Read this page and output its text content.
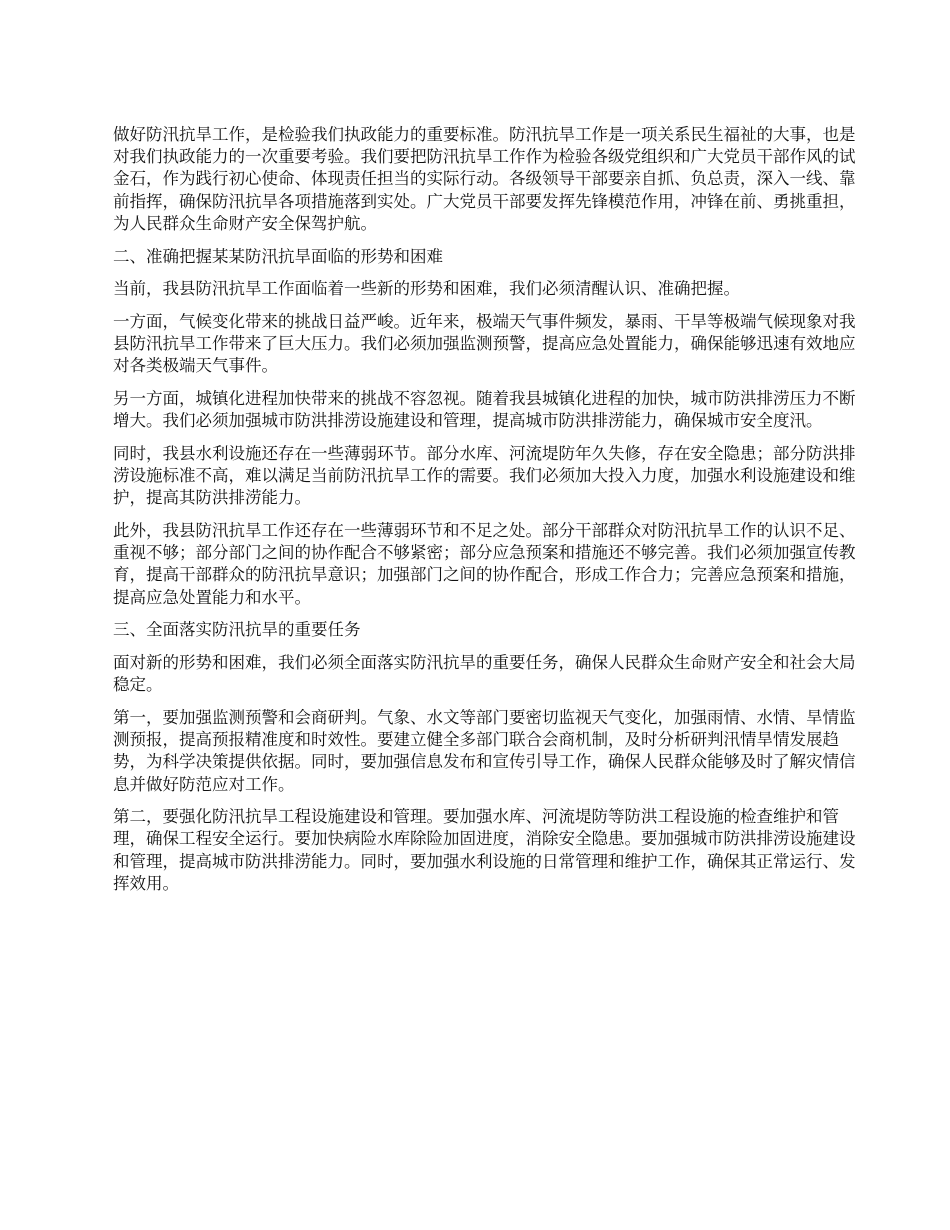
做好防汛抗旱工作，是检验我们执政能力的重要标准。防汛抗旱工作是一项关系民生福祉的大事，也是对我们执政能力的一次重要考验。我们要把防汛抗旱工作作为检验各级党组织和广大党员干部作风的试金石，作为践行初心使命、体现责任担当的实际行动。各级领导干部要亲自抓、负总责，深入一线、靠前指挥，确保防汛抗旱各项措施落到实处。广大党员干部要发挥先锋模范作用，冲锋在前、勇挑重担，为人民群众生命财产安全保驾护航。

二、准确把握某某防汛抗旱面临的形势和困难

当前，我县防汛抗旱工作面临着一些新的形势和困难，我们必须清醒认识、准确把握。

一方面，气候变化带来的挑战日益严峻。近年来，极端天气事件频发，暴雨、干旱等极端气候现象对我县防汛抗旱工作带来了巨大压力。我们必须加强监测预警，提高应急处置能力，确保能够迅速有效地应对各类极端天气事件。

另一方面，城镇化进程加快带来的挑战不容忽视。随着我县城镇化进程的加快，城市防洪排涝压力不断增大。我们必须加强城市防洪排涝设施建设和管理，提高城市防洪排涝能力，确保城市安全度汛。

同时，我县水利设施还存在一些薄弱环节。部分水库、河流堤防年久失修，存在安全隐患；部分防洪排涝设施标准不高，难以满足当前防汛抗旱工作的需要。我们必须加大投入力度，加强水利设施建设和维护，提高其防洪排涝能力。

此外，我县防汛抗旱工作还存在一些薄弱环节和不足之处。部分干部群众对防汛抗旱工作的认识不足、重视不够；部分部门之间的协作配合不够紧密；部分应急预案和措施还不够完善。我们必须加强宣传教育，提高干部群众的防汛抗旱意识；加强部门之间的协作配合，形成工作合力；完善应急预案和措施，提高应急处置能力和水平。

三、全面落实防汛抗旱的重要任务

面对新的形势和困难，我们必须全面落实防汛抗旱的重要任务，确保人民群众生命财产安全和社会大局稳定。

第一，要加强监测预警和会商研判。气象、水文等部门要密切监视天气变化，加强雨情、水情、旱情监测预报，提高预报精准度和时效性。要建立健全多部门联合会商机制，及时分析研判汛情旱情发展趋势，为科学决策提供依据。同时，要加强信息发布和宣传引导工作，确保人民群众能够及时了解灾情信息并做好防范应对工作。

第二，要强化防汛抗旱工程设施建设和管理。要加强水库、河流堤防等防洪工程设施的检查维护和管理，确保工程安全运行。要加快病险水库除险加固进度，消除安全隐患。要加强城市防洪排涝设施建设和管理，提高城市防洪排涝能力。同时，要加强水利设施的日常管理和维护工作，确保其正常运行、发挥效用。
